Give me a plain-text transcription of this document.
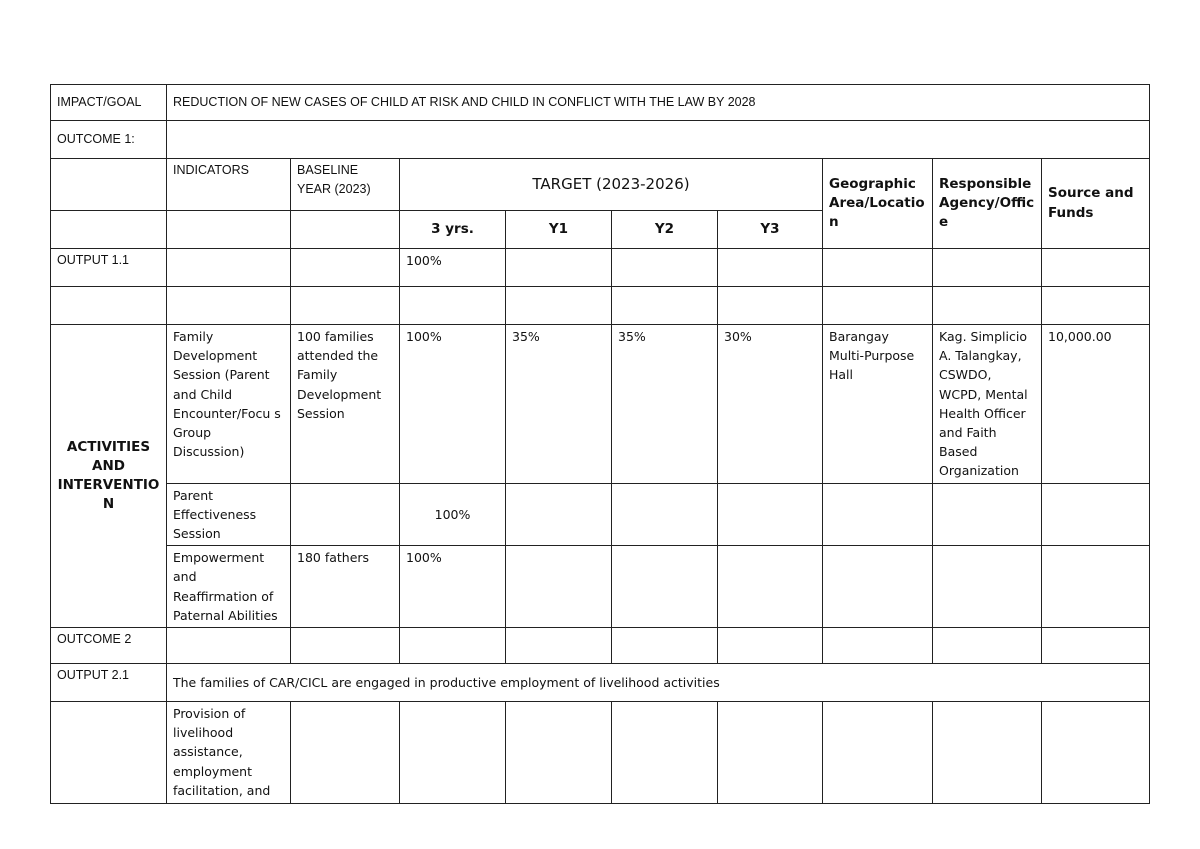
IMPACT/GOAL	REDUCTION OF NEW CASES OF CHILD AT RISK AND CHILD IN CONFLICT WITH THE LAW BY 2028								
OUTCOME 1:									
	INDICATORS	BASELINE YEAR (2023)	TARGET (2023-2026)				Geographic Area/Location	Responsible Agency/Office	Source and Funds
			3 yrs.	Y1	Y2	Y3			
OUTPUT 1.1			100%						

ACTIVITIES AND INTERVENTION	Family Development Session (Parent and Child Encounter/Focu s Group Discussion)	100 families attended the Family Development Session	100%	35%	35%	30%	Barangay Multi-Purpose Hall	Kag. Simplicio A. Talangkay, CSWDO, WCPD, Mental Health Officer and Faith Based Organization	10,000.00
	Parent Effectiveness Session		100%						
	Empowerment and Reaffirmation of Paternal Abilities	180 fathers	100%						
OUTCOME 2									
OUTPUT 2.1	The families of CAR/CICL are engaged in productive employment of livelihood activities								
	Provision of livelihood assistance, employment facilitation, and								
